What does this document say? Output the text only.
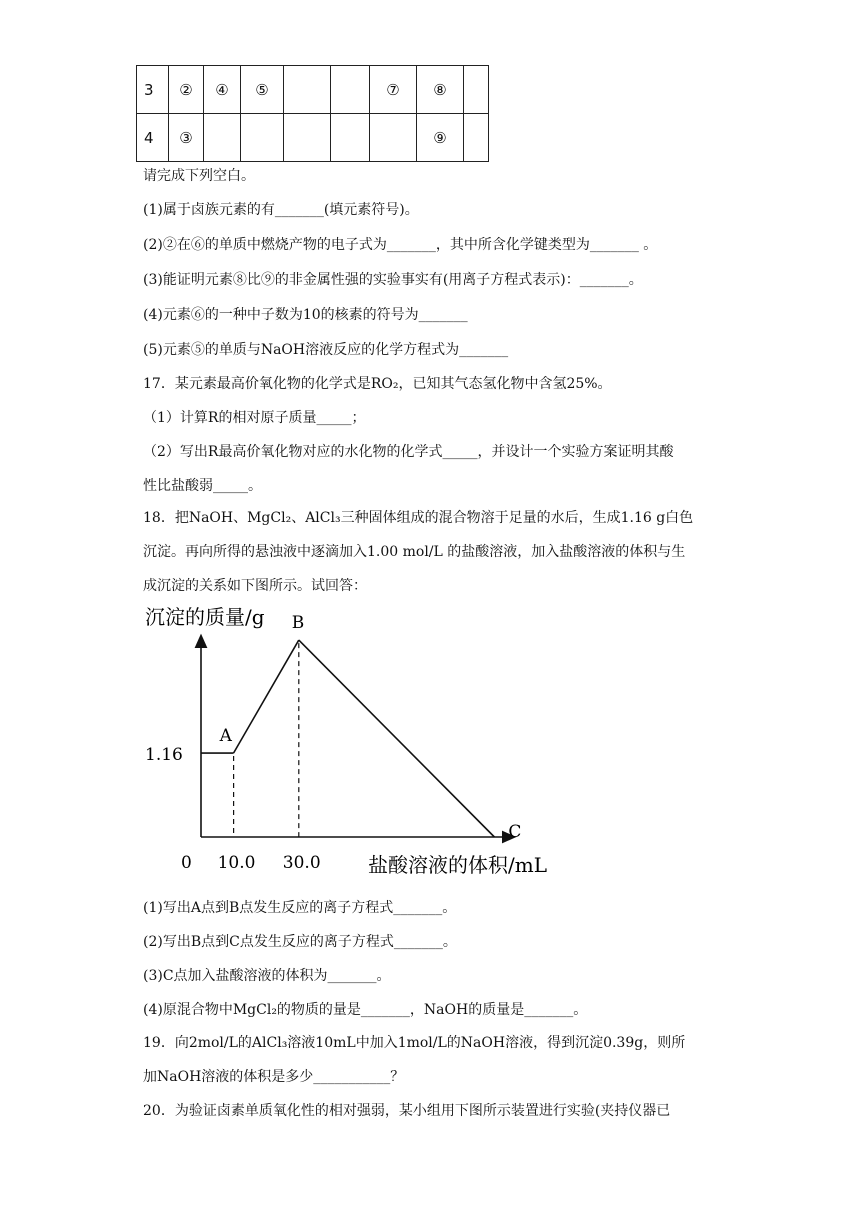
3	②	④	⑤			⑦	⑧	
4	③						⑨	
请完成下列空白。
(1)属于卤族元素的有_______(填元素符号)。
(2)②在⑥的单质中燃烧产物的电子式为_______，其中所含化学键类型为_______ 。
(3)能证明元素⑧比⑨的非金属性强的实验事实有(用离子方程式表示)：_______。
(4)元素⑥的一种中子数为10的核素的符号为_______
(5)元素⑤的单质与NaOH溶液反应的化学方程式为_______
17．某元素最高价氧化物的化学式是RO₂，已知其气态氢化物中含氢25%。
（1）计算R的相对原子质量_____；
（2）写出R最高价氧化物对应的水化物的化学式_____，并设计一个实验方案证明其酸
性比盐酸弱_____。
18．把NaOH、MgCl₂、AlCl₃三种固体组成的混合物溶于足量的水后，生成1.16 g白色
沉淀。再向所得的悬浊液中逐滴加入1.00 mol/L 的盐酸溶液，加入盐酸溶液的体积与生
成沉淀的关系如下图所示。试回答：
沉淀的质量/g
A
B
C
1.16
0 10.0 30.0 盐酸溶液的体积/mL
(1)写出A点到B点发生反应的离子方程式_______。
(2)写出B点到C点发生反应的离子方程式_______。
(3)C点加入盐酸溶液的体积为_______。
(4)原混合物中MgCl₂的物质的量是_______，NaOH的质量是_______。
19．向2mol/L的AlCl₃溶液10mL中加入1mol/L的NaOH溶液，得到沉淀0.39g，则所
加NaOH溶液的体积是多少___________？
20．为验证卤素单质氧化性的相对强弱，某小组用下图所示装置进行实验(夹持仪器已
